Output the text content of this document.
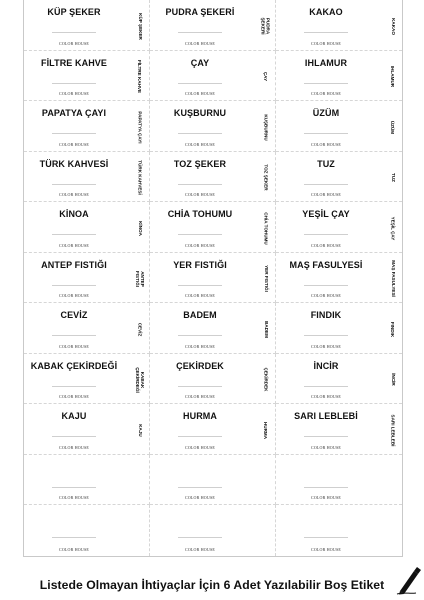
KÜP ŞEKER
KÜP ŞEKER
COLOR HOUSE
PUDRA ŞEKERİ
PUDRA
ŞEKERİ
COLOR HOUSE
KAKAO
KAKAO
COLOR HOUSE
FİLTRE KAHVE	FİLTRE KAHVE
COLOR HOUSE
ÇAY
ÇAY
COLOR HOUSE
IHLAMUR
IHLAMUR
COLOR HOUSE
PAPATYA ÇAYI	PAPATYA ÇAYI
COLOR HOUSE
KUŞBURNU
KUŞBURNU
COLOR HOUSE
ÜZÜM
ÜZÜM
COLOR HOUSE
TÜRK KAHVESİ	TÜRK KAHVESİ
COLOR HOUSE
TOZ ŞEKER
TOZ ŞEKER
COLOR HOUSE
TUZ
TUZ
COLOR HOUSE
KİNOA
KİNOA
COLOR HOUSE
CHİA TOHUMU	CHİA TOHUMU
COLOR HOUSE
YEŞİL ÇAY
YEŞİL ÇAY
COLOR HOUSE
ANTEP FISTIĞI
ANTEP
FISTIĞI
COLOR HOUSE
YER FISTIĞI
YER FISTIĞI
COLOR HOUSE
MAŞ FASULYESİ	MAŞ FASULYESİ
COLOR HOUSE
CEVİZ
CEVİZ
COLOR HOUSE
BADEM
BADEM
COLOR HOUSE
FINDIK
FINDIK
COLOR HOUSE
KABAK ÇEKİRDEĞİ
KABAK
ÇEKİRDEĞİ
COLOR HOUSE
ÇEKİRDEK
ÇEKİRDEK
COLOR HOUSE
İNCİR
İNCİR
COLOR HOUSE
KAJU
KAJU
COLOR HOUSE
HURMA
HURMA
COLOR HOUSE
SARI LEBLEBİ	SARI LEBLEBİ
COLOR HOUSE
COLOR HOUSE	COLOR HOUSE	COLOR HOUSE
COLOR HOUSE	COLOR HOUSE	COLOR HOUSE
Listede Olmayan İhtiyaçlar İçin 6 Adet Yazılabilir Boş Etiket
